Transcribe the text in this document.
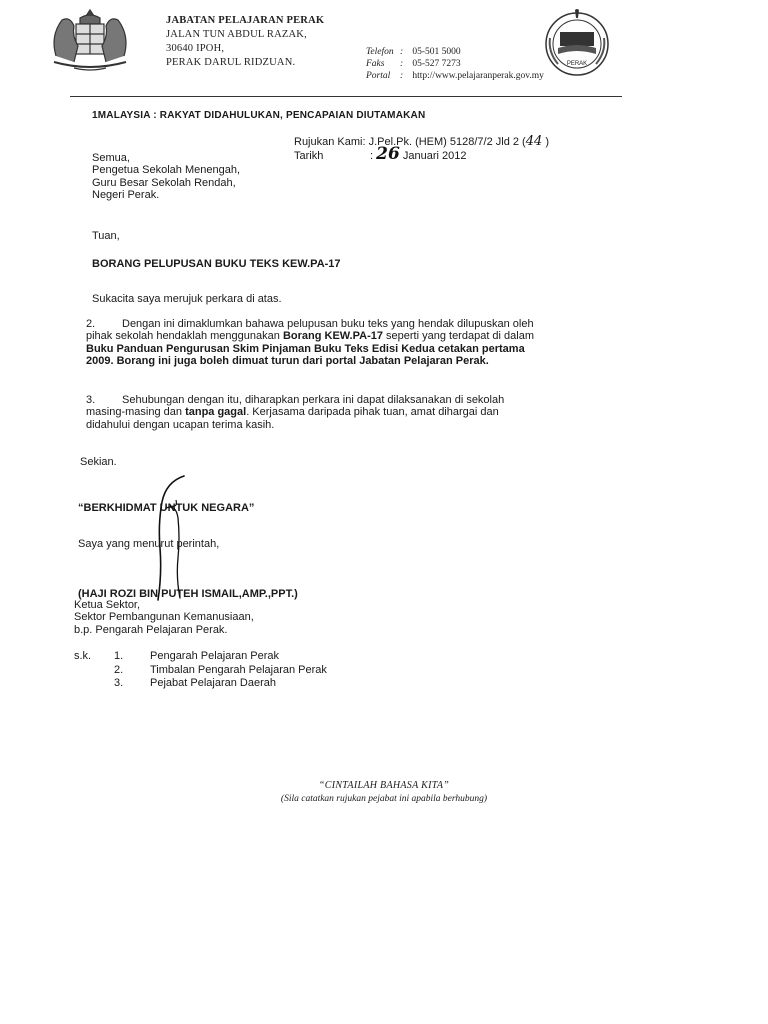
JABATAN PELAJARAN PERAK
JALAN TUN ABDUL RAZAK,
30640 IPOH,
PERAK DARUL RIDZUAN.
Telefon : 05-501 5000
Faks : 05-527 7273
Portal : http://www.pelajaranperak.gov.my
PERAK
1MALAYSIA : RAKYAT DIDAHULUKAN, PENCAPAIAN DIUTAMAKAN
Rujukan Kami: J.Pel.Pk. (HEM) 5128/7/2 Jld 2 (44 )
Tarikh	: 26 Januari 2012
Semua,
Pengetua Sekolah Menengah,
Guru Besar Sekolah Rendah,
Negeri Perak.
Tuan,
BORANG PELUPUSAN BUKU TEKS KEW.PA-17
Sukacita saya merujuk perkara di atas.
2. Dengan ini dimaklumkan bahawa pelupusan buku teks yang hendak dilupuskan oleh
pihak sekolah hendaklah menggunakan Borang KEW.PA-17 seperti yang terdapat di dalam
Buku Panduan Pengurusan Skim Pinjaman Buku Teks Edisi Kedua cetakan pertama
2009. Borang ini juga boleh dimuat turun dari portal Jabatan Pelajaran Perak.
3. Sehubungan dengan itu, diharapkan perkara ini dapat dilaksanakan di sekolah
masing-masing dan tanpa gagal. Kerjasama daripada pihak tuan, amat dihargai dan
didahului dengan ucapan terima kasih.
Sekian.
“BERKHIDMAT UNTUK NEGARA”
Saya yang menurut perintah,
(HAJI ROZI BIN PUTEH ISMAIL,AMP.,PPT.)
Ketua Sektor,
Sektor Pembangunan Kemanusiaan,
b.p. Pengarah Pelajaran Perak.
s.k. 1. Pengarah Pelajaran Perak
2. Timbalan Pengarah Pelajaran Perak
3. Pejabat Pelajaran Daerah
“CINTAILAH BAHASA KITA”
(Sila catatkan rujukan pejabat ini apabila berhubung)
